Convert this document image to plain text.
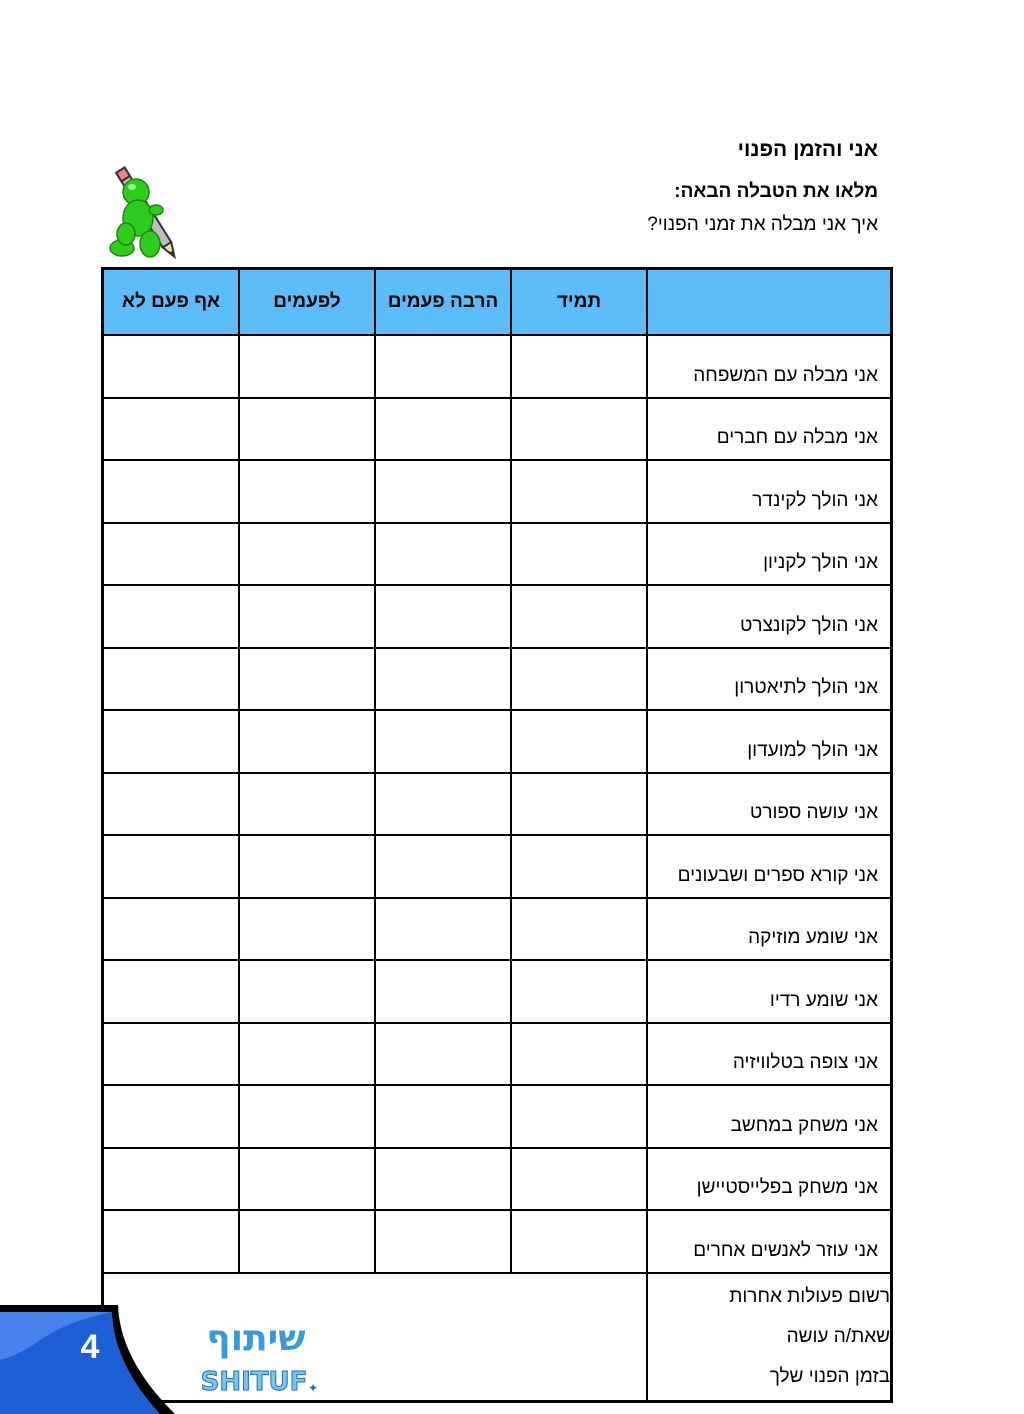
אני והזמן הפנוי
מלאו את הטבלה הבאה:
איך אני מבלה את זמני הפנוי?
	תמיד	הרבה פעמים	לפעמים	אף פעם לא
אני מבלה עם המשפחה				
אני מבלה עם חברים				
אני הולך לקינדר				
אני הולך לקניון				
אני הולך לקונצרט				
אני הולך לתיאטרון				
אני הולך למועדון				
אני עושה ספורט				
אני קורא ספרים ושבעונים				
אני שומע מוזיקה				
אני שומע רדיו				
אני צופה בטלוויזיה				
אני משחק במחשב				
אני משחק בפלייסטיישן				
אני עוזר לאנשים אחרים				

רשום פעולות אחרות
שאת/ה עושה
בזמן הפנוי שלך				

4	שיתוף
SHITUF ✦
